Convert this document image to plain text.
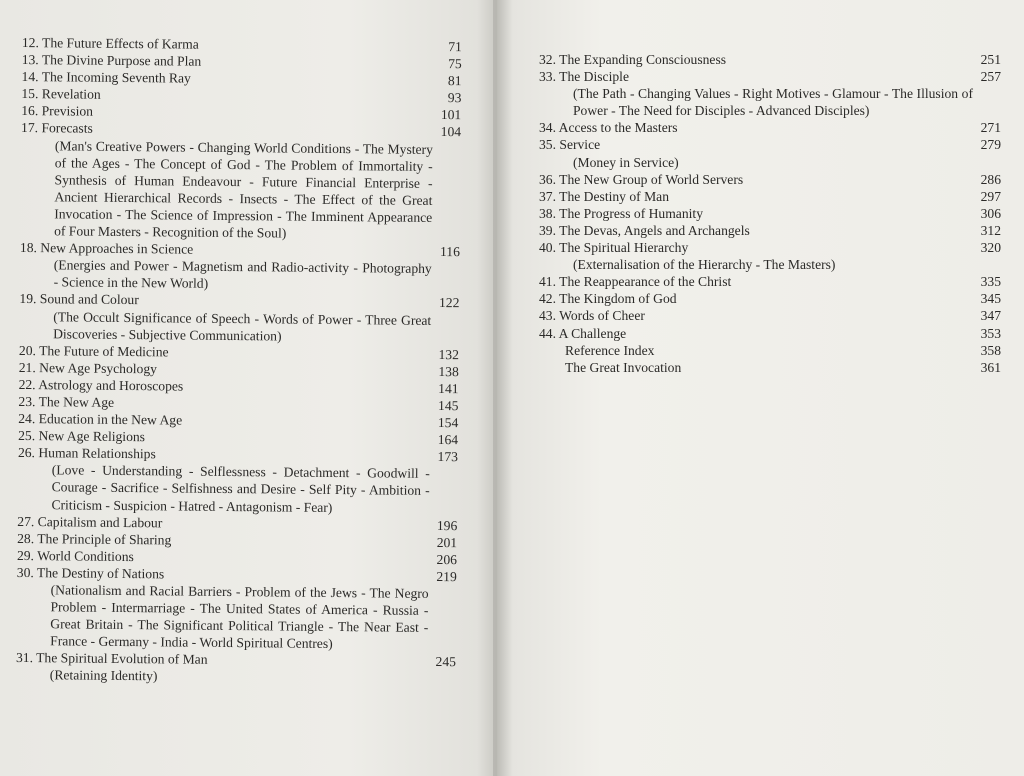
12. The Future Effects of Karma	71
13. The Divine Purpose and Plan	75
14. The Incoming Seventh Ray	81
15. Revelation	93
16. Prevision	101
17. Forecasts	104
(Man's Creative Powers - Changing World Conditions - The Mystery of the Ages - The Concept of God - The Problem of Immortality - Synthesis of Human Endeavour - Future Financial Enterprise - Ancient Hierarchical Records - Insects - The Effect of the Great Invocation - The Science of Impression - The Imminent Appearance of Four Masters - Recognition of the Soul)
18. New Approaches in Science	116
(Energies and Power - Magnetism and Radio-activity - Photography - Science in the New World)
19. Sound and Colour	122
(The Occult Significance of Speech - Words of Power - Three Great Discoveries - Subjective Communication)
20. The Future of Medicine	132
21. New Age Psychology	138
22. Astrology and Horoscopes	141
23. The New Age	145
24. Education in the New Age	154
25. New Age Religions	164
26. Human Relationships	173
(Love - Understanding - Selflessness - Detachment - Goodwill - Courage - Sacrifice - Selfishness and Desire - Self Pity - Ambition - Criticism - Suspicion - Hatred - Antagonism - Fear)
27. Capitalism and Labour	196
28. The Principle of Sharing	201
29. World Conditions	206
30. The Destiny of Nations	219
(Nationalism and Racial Barriers - Problem of the Jews - The Negro Problem - Intermarriage - The United States of America - Russia - Great Britain - The Significant Political Triangle - The Near East - France - Germany - India - World Spiritual Centres)
31. The Spiritual Evolution of Man	245
(Retaining Identity)
32. The Expanding Consciousness	251
33. The Disciple	257
(The Path - Changing Values - Right Motives - Glamour - The Illusion of Power - The Need for Disciples - Advanced Disciples)
34. Access to the Masters	271
35. Service	279
(Money in Service)
36. The New Group of World Servers	286
37. The Destiny of Man	297
38. The Progress of Humanity	306
39. The Devas, Angels and Archangels	312
40. The Spiritual Hierarchy	320
(Externalisation of the Hierarchy - The Masters)
41. The Reappearance of the Christ	335
42. The Kingdom of God	345
43. Words of Cheer	347
44. A Challenge	353
Reference Index	358
The Great Invocation	361
